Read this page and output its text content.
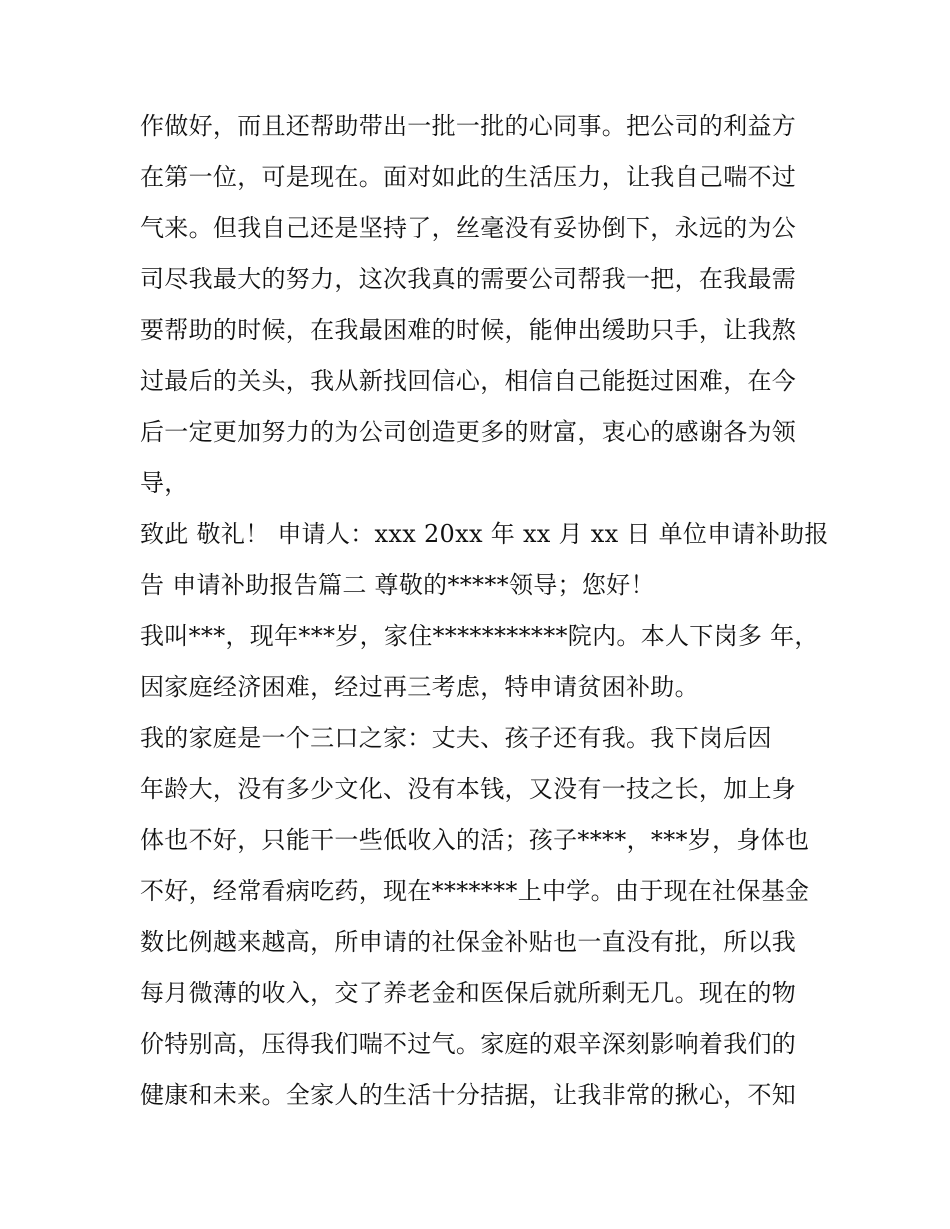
作做好，而且还帮助带出一批一批的心同事。把公司的利益方
在第一位，可是现在。面对如此的生活压力，让我自己喘不过
气来。但我自己还是坚持了，丝毫没有妥协倒下，永远的为公
司尽我最大的努力，这次我真的需要公司帮我一把，在我最需
要帮助的时候，在我最困难的时候，能伸出缓助只手，让我熬
过最后的关头，我从新找回信心，相信自己能挺过困难，在今
后一定更加努力的为公司创造更多的财富，衷心的感谢各为领
导，
致此 敬礼！ 申请人：xxx 20xx 年 xx 月 xx 日 单位申请补助报
告 申请补助报告篇二 尊敬的*****领导；您好！
我叫***，现年***岁，家住***********院内。本人下岗多 年，
因家庭经济困难，经过再三考虑，特申请贫困补助。
我的家庭是一个三口之家：丈夫、孩子还有我。我下岗后因
年龄大，没有多少文化、没有本钱，又没有一技之长，加上身
体也不好，只能干一些低收入的活；孩子****，***岁，身体也
不好，经常看病吃药，现在*******上中学。由于现在社保基金
数比例越来越高，所申请的社保金补贴也一直没有批，所以我
每月微薄的收入，交了养老金和医保后就所剩无几。现在的物
价特别高，压得我们喘不过气。家庭的艰辛深刻影响着我们的
健康和未来。全家人的生活十分拮据，让我非常的揪心，不知
